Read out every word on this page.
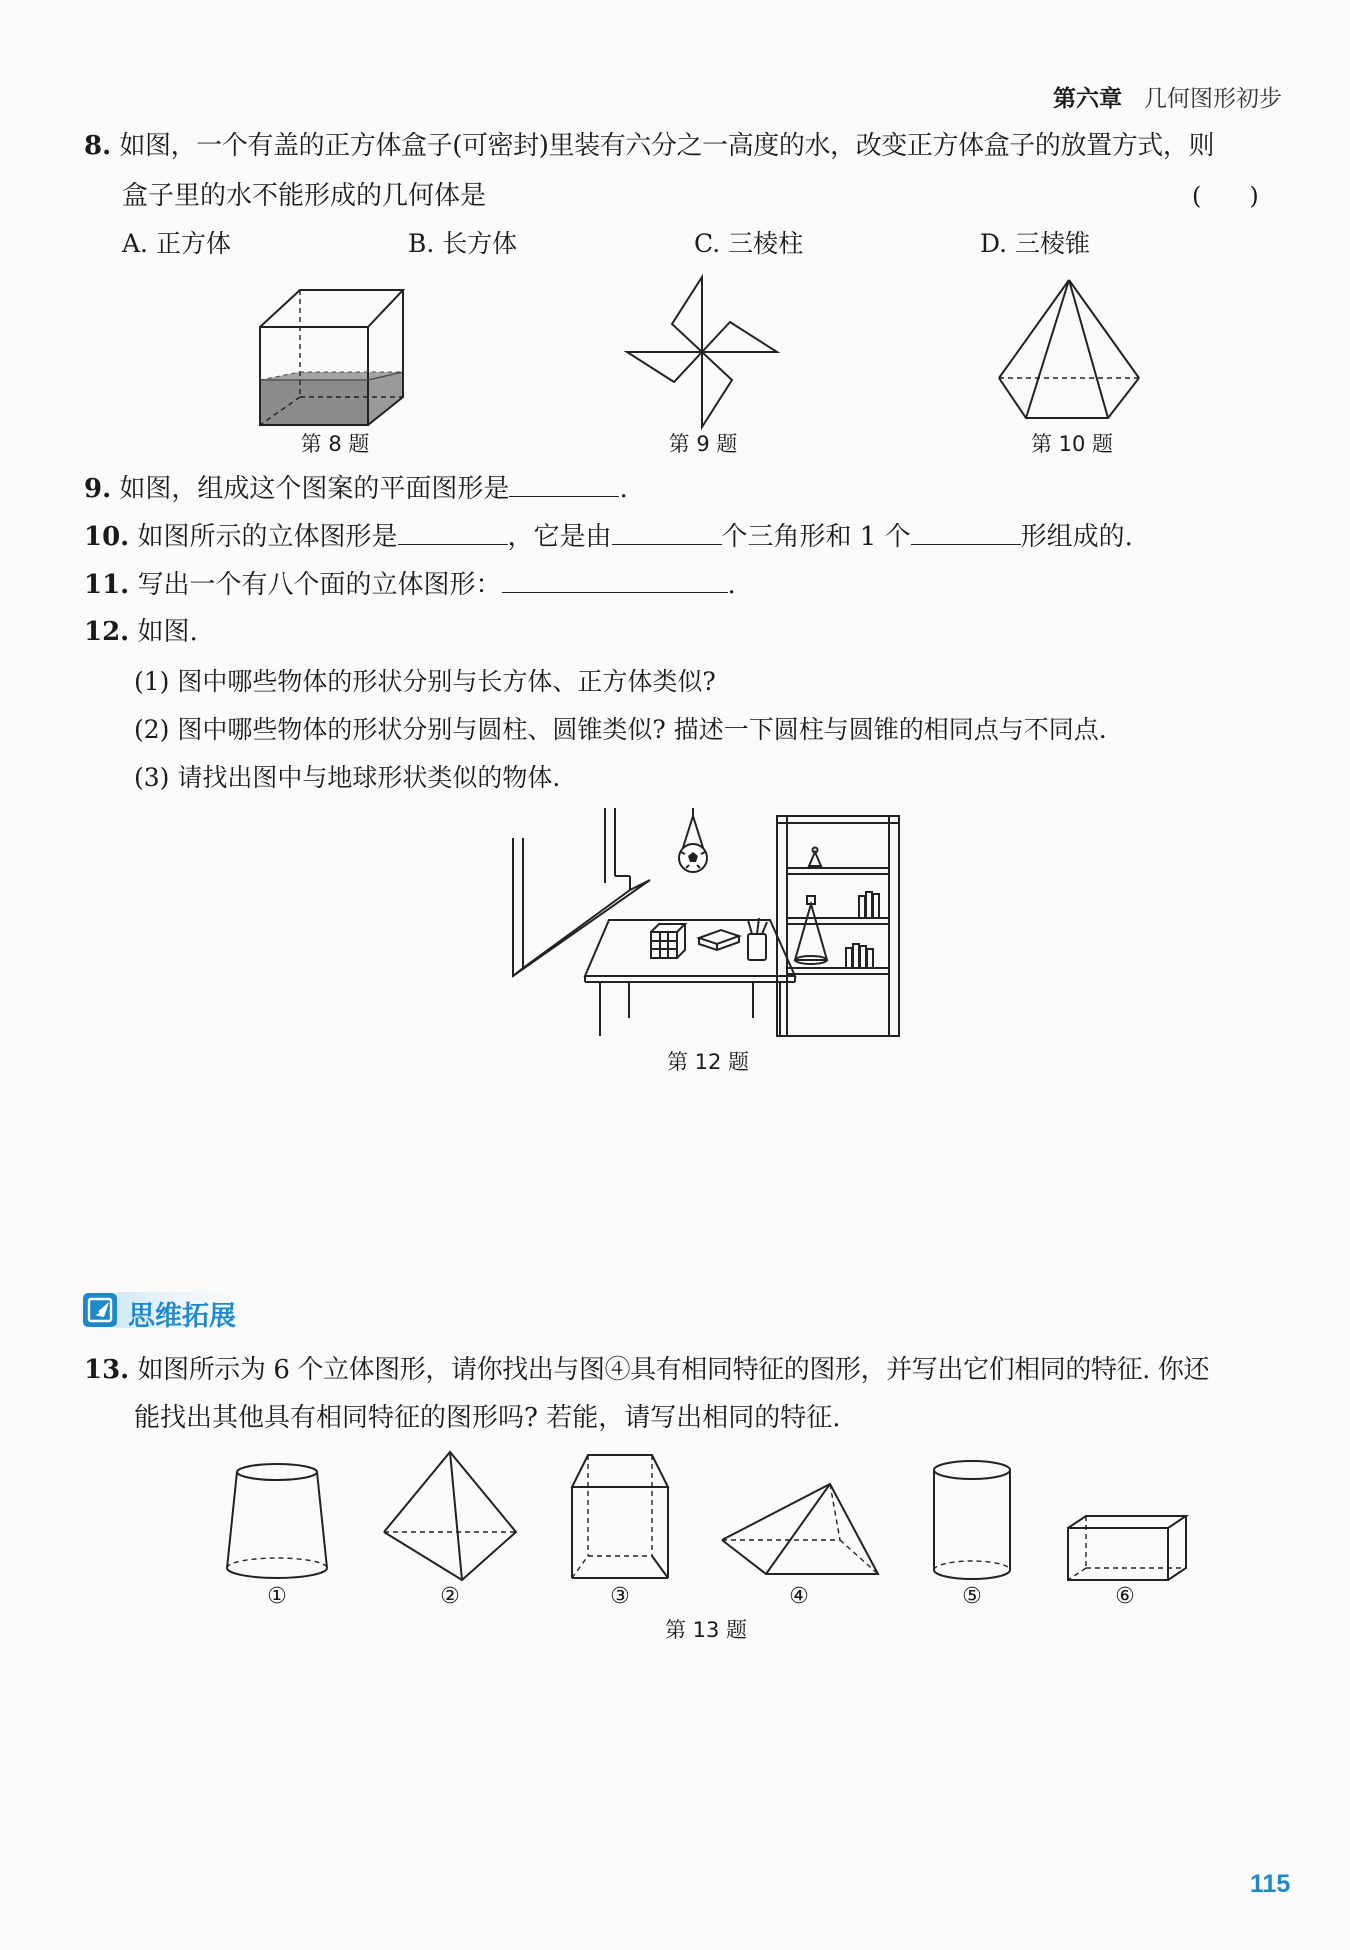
第六章 几何图形初步
8. 如图，一个有盖的正方体盒子(可密封)里装有六分之一高度的水，改变正方体盒子的放置方式，则
盒子里的水不能形成的几何体是	(　　)
A. 正方体	B. 长方体	C. 三棱柱	D. 三棱锥
第 8 题	第 9 题	第 10 题
9. 如图，组成这个图案的平面图形是	.
10. 如图所示的立体图形是	，它是由	个三角形和 1 个	形组成的.
11. 写出一个有八个面的立体图形：	.
12. 如图.
(1) 图中哪些物体的形状分别与长方体、正方体类似?
(2) 图中哪些物体的形状分别与圆柱、圆锥类似? 描述一下圆柱与圆锥的相同点与不同点.
(3) 请找出图中与地球形状类似的物体.
第 12 题
思维拓展
13. 如图所示为 6 个立体图形，请你找出与图④具有相同特征的图形，并写出它们相同的特征. 你还
能找出其他具有相同特征的图形吗? 若能，请写出相同的特征.
①	②	③	④	⑤	⑥
第 13 题
115
